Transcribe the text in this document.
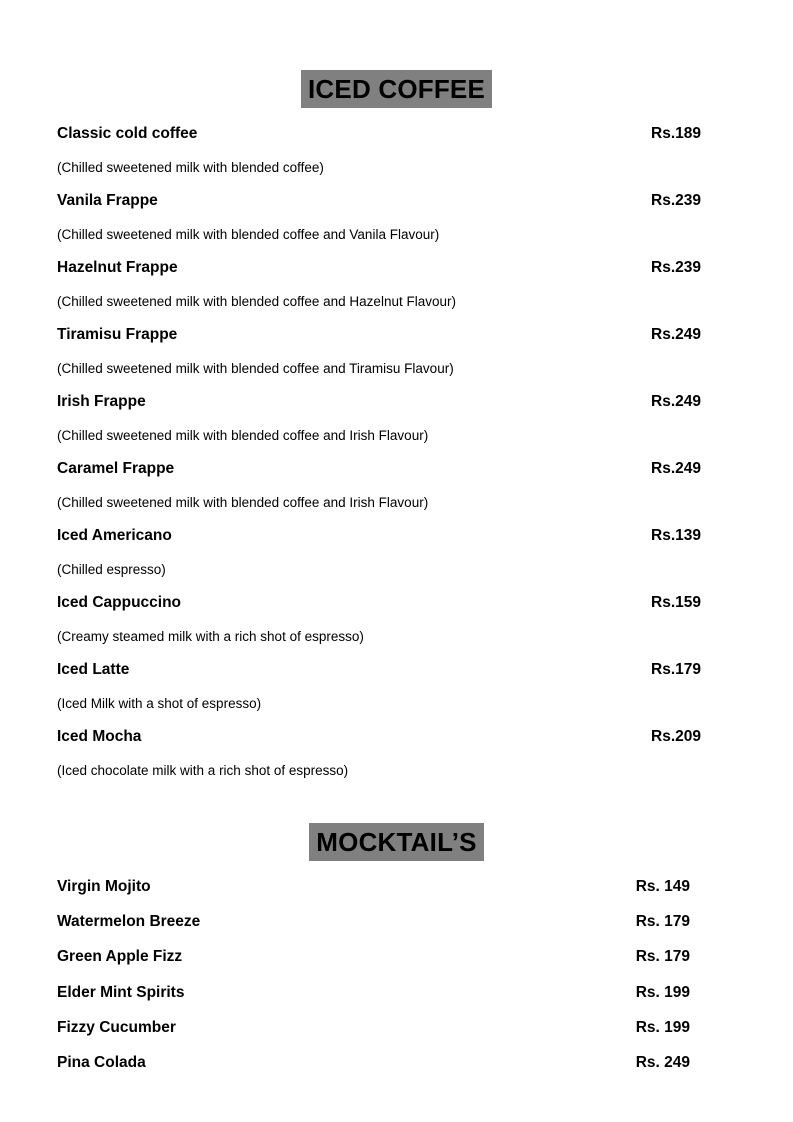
ICED COFFEE
Classic cold coffee	Rs.189
(Chilled sweetened milk with blended coffee)
Vanila Frappe	Rs.239
(Chilled sweetened milk with blended coffee and Vanila Flavour)
Hazelnut Frappe	Rs.239
(Chilled sweetened milk with blended coffee and Hazelnut Flavour)
Tiramisu Frappe	Rs.249
(Chilled sweetened milk with blended coffee and Tiramisu Flavour)
Irish Frappe	Rs.249
(Chilled sweetened milk with blended coffee and Irish Flavour)
Caramel Frappe	Rs.249
(Chilled sweetened milk with blended coffee and Irish Flavour)
Iced Americano	Rs.139
(Chilled espresso)
Iced Cappuccino	Rs.159
(Creamy steamed milk with a rich shot of espresso)
Iced Latte	Rs.179
(Iced Milk with a shot of espresso)
Iced Mocha	Rs.209
(Iced chocolate milk with a rich shot of espresso)
MOCKTAIL’S
Virgin Mojito	Rs. 149
Watermelon Breeze	Rs. 179
Green Apple Fizz	Rs. 179
Elder Mint Spirits	Rs. 199
Fizzy Cucumber	Rs. 199
Pina Colada	Rs. 249
